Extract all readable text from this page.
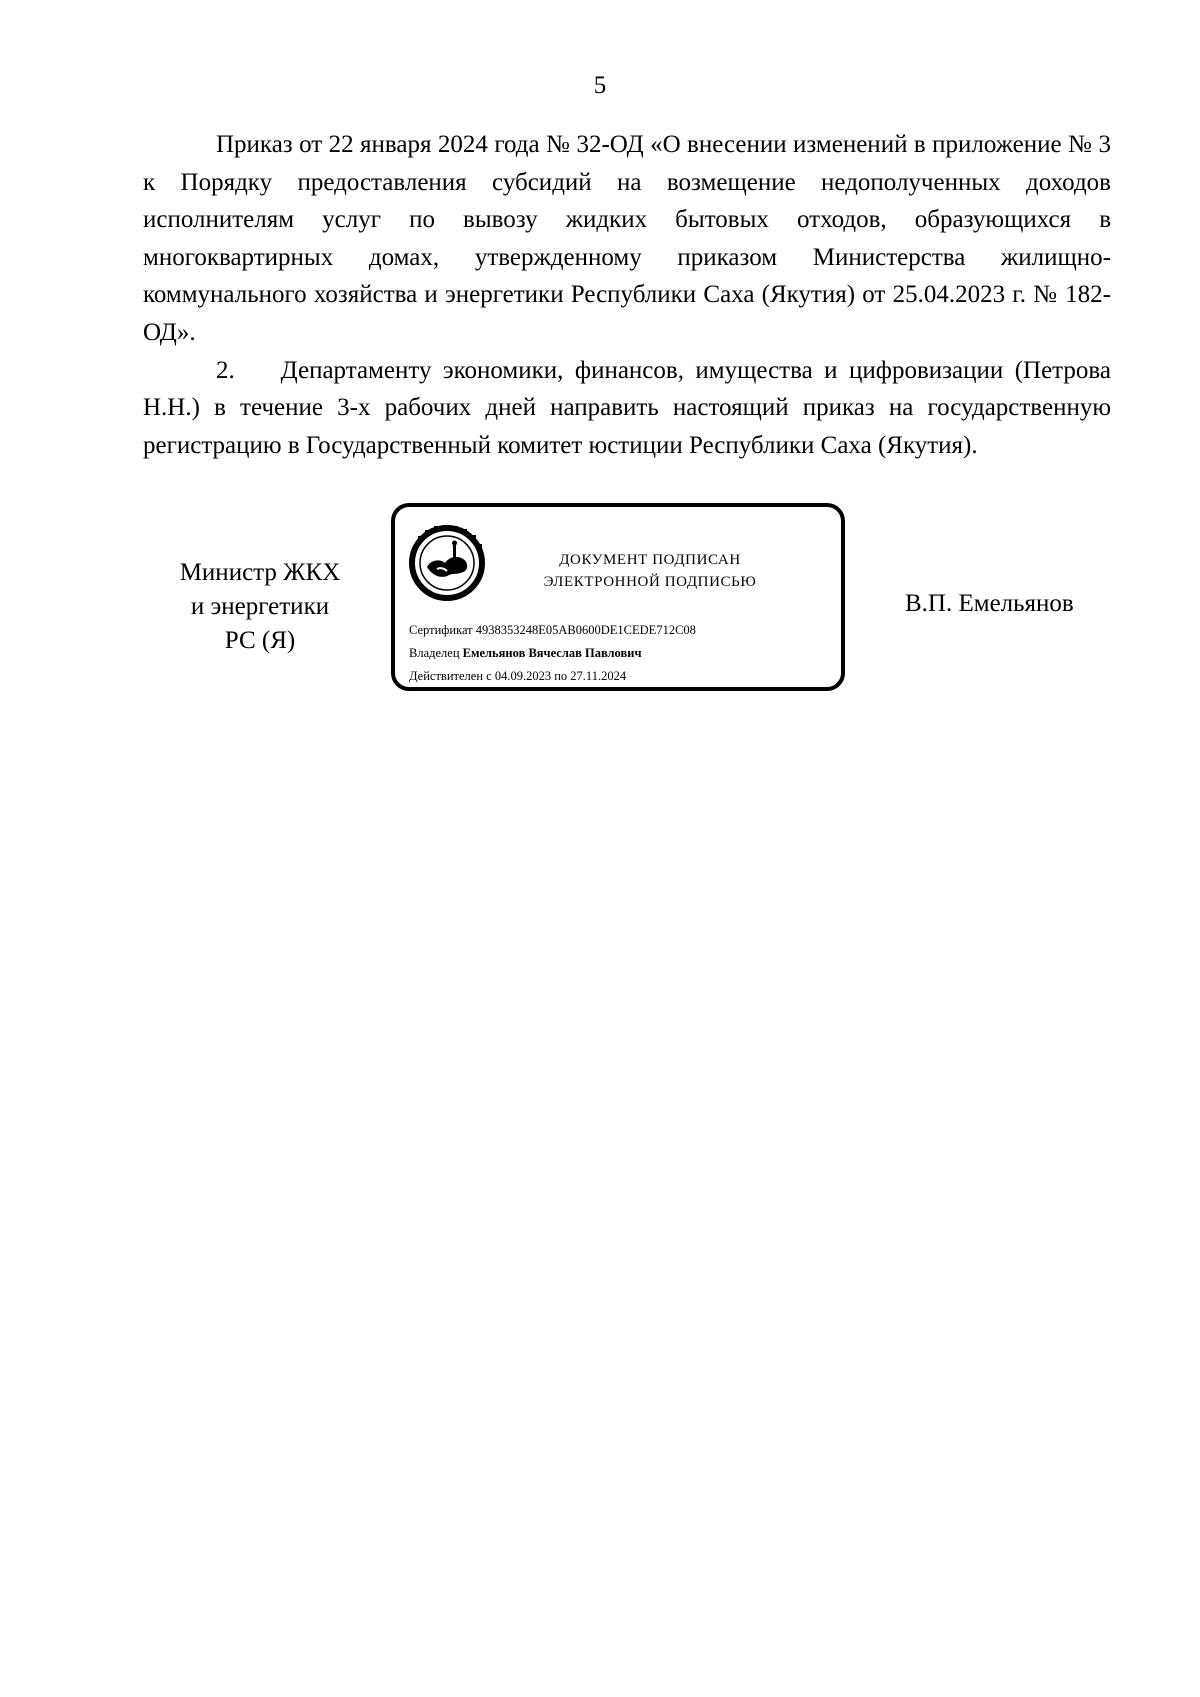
5

Приказ от 22 января 2024 года № 32-ОД «О внесении изменений в приложение № 3 к Порядку предоставления субсидий на возмещение недополученных доходов исполнителям услуг по вывозу жидких бытовых отходов, образующихся в многоквартирных домах, утвержденному приказом Министерства жилищно-коммунального хозяйства и энергетики Республики Саха (Якутия) от 25.04.2023 г. № 182-ОД».

2.    Департаменту экономики, финансов, имущества и цифровизации (Петрова Н.Н.) в течение 3-х рабочих дней направить настоящий приказ на государственную регистрацию в Государственный комитет юстиции Республики Саха (Якутия).

Министр ЖКХ
и энергетики
РС (Я)
ДОКУМЕНТ ПОДПИСАН
ЭЛЕКТРОННОЙ ПОДПИСЬЮ
Сертификат 4938353248E05AB0600DE1CEDE712C08
Владелец Емельянов Вячеслав Павлович
Действителен с 04.09.2023 по 27.11.2024
В.П. Емельянов
